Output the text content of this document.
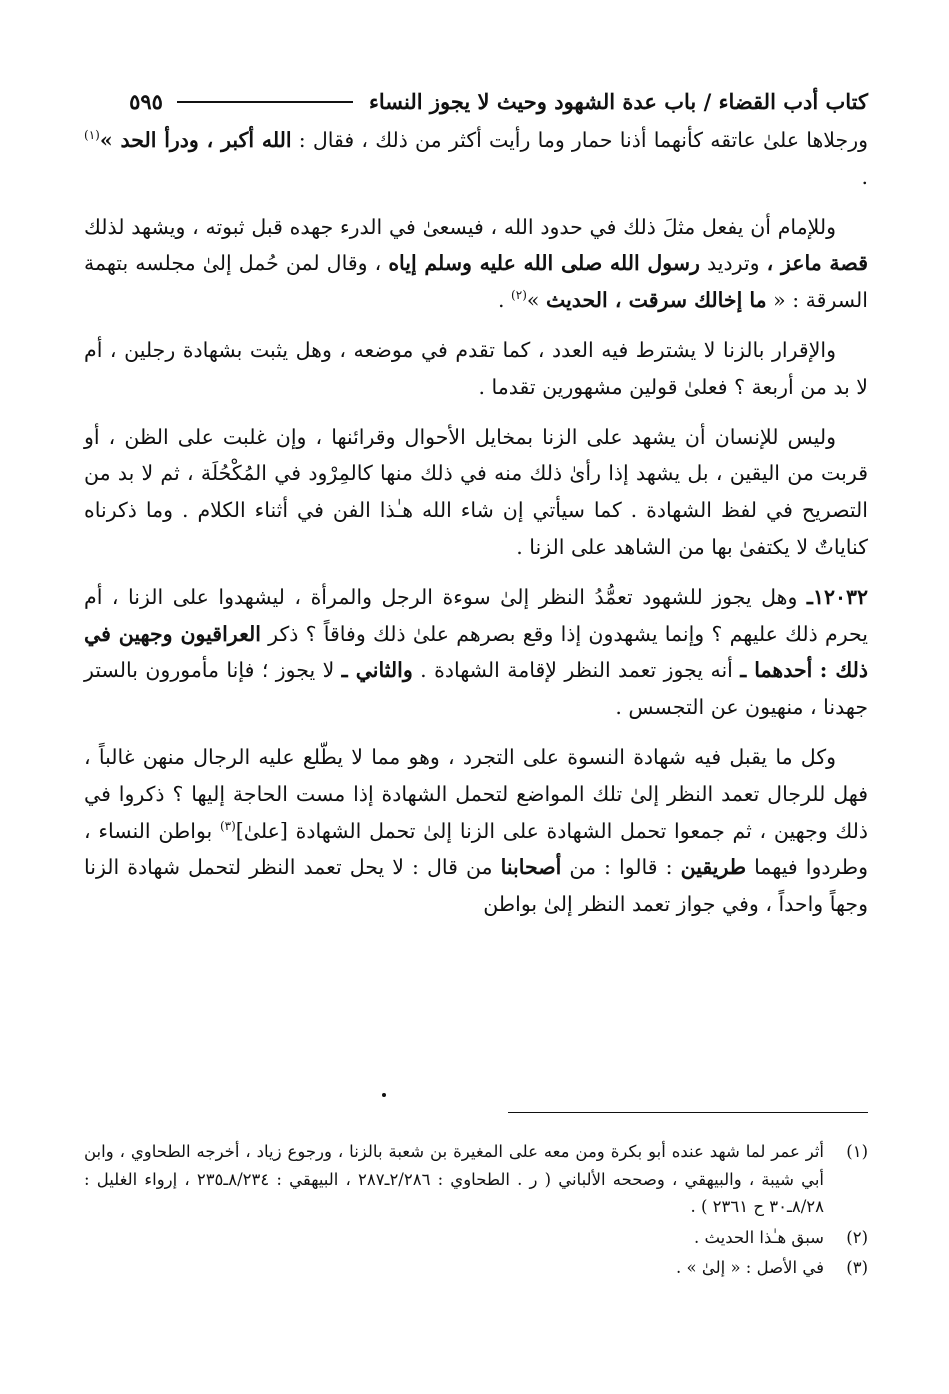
كتاب أدب القضاء / باب عدة الشهود وحيث لا يجوز النساء
٥٩٥

ورجلاها علىٰ عاتقه كأنهما أذنا حمار وما رأيت أكثر من ذلك ، فقال : الله أكبر ، ودرأ الحد »$^{(١)}$ .

وللإمام أن يفعل مثلَ ذلك في حدود الله ، فيسعىٰ في الدرء جهده قبل ثبوته ، ويشهد لذلك قصة ماعز ، وترديد رسول الله صلى الله عليه وسلم إياه ، وقال لمن حُمل إلىٰ مجلسه بتهمة السرقة : « ما إخالك سرقت ، الحديث »$^{(٢)}$ .

والإقرار بالزنا لا يشترط فيه العدد ، كما تقدم في موضعه ، وهل يثبت بشهادة رجلين ، أم لا بد من أربعة ؟ فعلىٰ قولين مشهورين تقدما .

وليس للإنسان أن يشهد على الزنا بمخايل الأحوال وقرائنها ، وإن غلبت على الظن ، أو قربت من اليقين ، بل يشهد إذا رأىٰ ذلك منه في ذلك منها كالمِرْود في المُكْحُلَة ، ثم لا بد من التصريح في لفظ الشهادة . كما سيأتي إن شاء الله هـٰذا الفن في أثناء الكلام . وما ذكرناه كناياتٌ لا يكتفىٰ بها من الشاهد على الزنا .

١٢٠٣٢ـ وهل يجوز للشهود تعمُّدُ النظر إلىٰ سوءة الرجل والمرأة ، ليشهدوا على الزنا ، أم يحرم ذلك عليهم ؟ وإنما يشهدون إذا وقع بصرهم علىٰ ذلك وفاقاً ؟ ذكر العراقيون وجهين في ذلك : أحدهما ـ أنه يجوز تعمد النظر لإقامة الشهادة . والثاني ـ لا يجوز ؛ فإنا مأمورون بالستر جهدنا ، منهيون عن التجسس .

وكل ما يقبل فيه شهادة النسوة على التجرد ، وهو مما لا يطّلع عليه الرجال منهن غالباً ، فهل للرجال تعمد النظر إلىٰ تلك المواضع لتحمل الشهادة إذا مست الحاجة إليها ؟ ذكروا في ذلك وجهين ، ثم جمعوا تحمل الشهادة على الزنا إلىٰ تحمل الشهادة [علىٰ]$^{(٣)}$ بواطن النساء ، وطردوا فيهما طريقين : قالوا : من أصحابنا من قال : لا يحل تعمد النظر لتحمل شهادة الزنا وجهاً واحداً ، وفي جواز تعمد النظر إلىٰ بواطن

(١)
أثر عمر لما شهد عنده أبو بكرة ومن معه على المغيرة بن شعبة بالزنا ، ورجوع زياد ، أخرجه الطحاوي ، وابن أبي شيبة ، والبيهقي ، وصححه الألباني ( ر . الطحاوي : ٢/٢٨٦ـ٢٨٧ ، البيهقي : ٨/٢٣٤ـ٢٣٥ ، إرواء الغليل : ٨/٢٨ـ٣٠ ح ٢٣٦١ ) .
(٢)
سبق هـٰذا الحديث .
(٣)
في الأصل : « إلىٰ » .
